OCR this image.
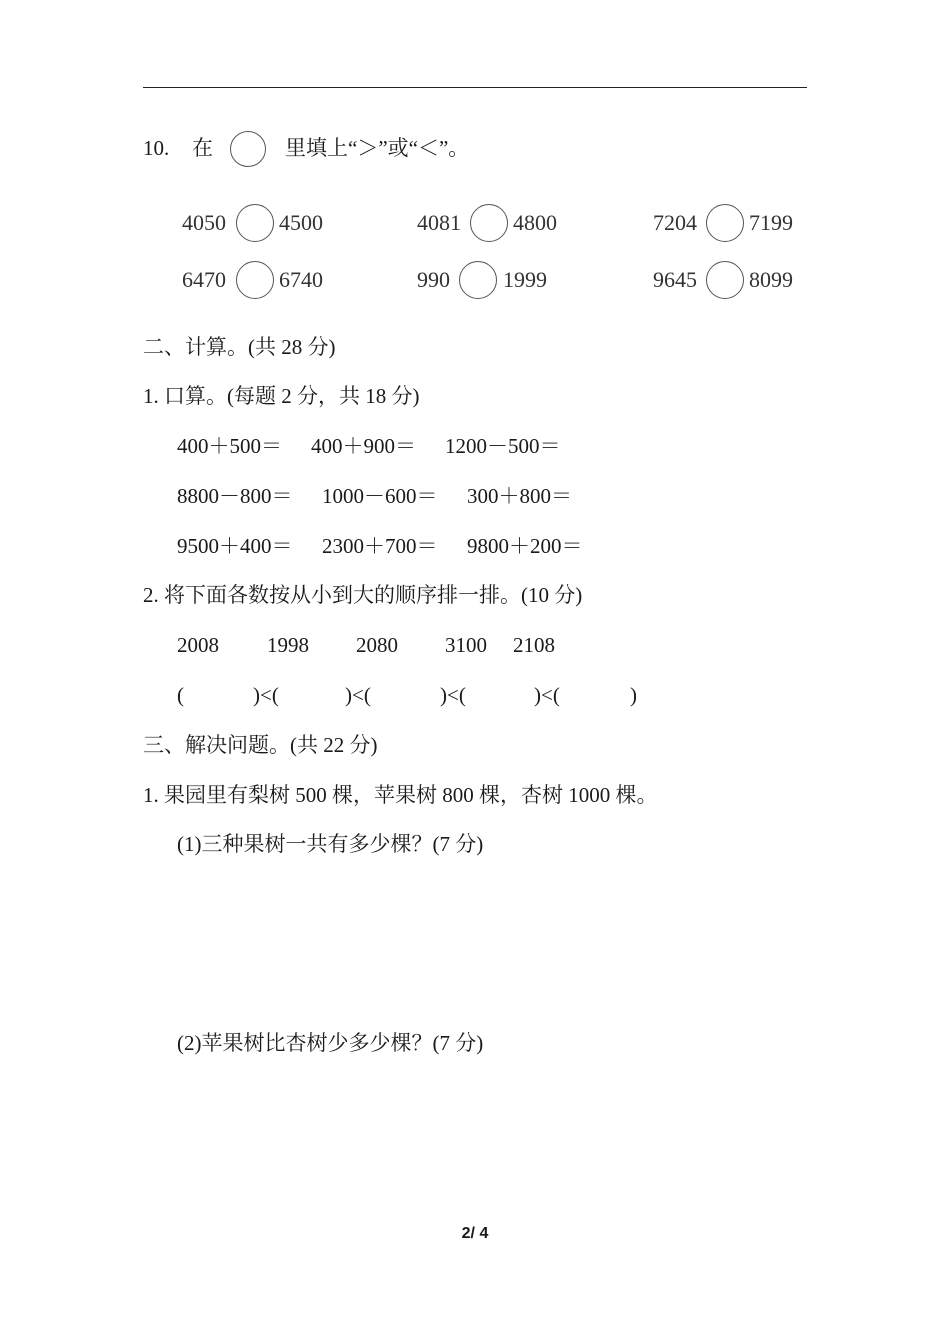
10. 在	里填上“＞”或“＜”。
4050 4500	4081 4800	7204 7199
6470 6740	990 1999	9645 8099
二、计算。(共 28 分)
1. 口算。(每题 2 分，共 18 分)
400＋500＝ 400＋900＝ 1200－500＝
8800－800＝ 1000－600＝ 300＋800＝
9500＋400＝ 2300＋700＝ 9800＋200＝
2. 将下面各数按从小到大的顺序排一排。(10 分)
2008 1998 2080 3100 2108
(	)<(	)<(	)<(	)<(	)
三、解决问题。(共 22 分)
1. 果园里有梨树 500 棵，苹果树 800 棵，杏树 1000 棵。
(1)三种果树一共有多少棵？(7 分)
(2)苹果树比杏树少多少棵？(7 分)
2/ 4
